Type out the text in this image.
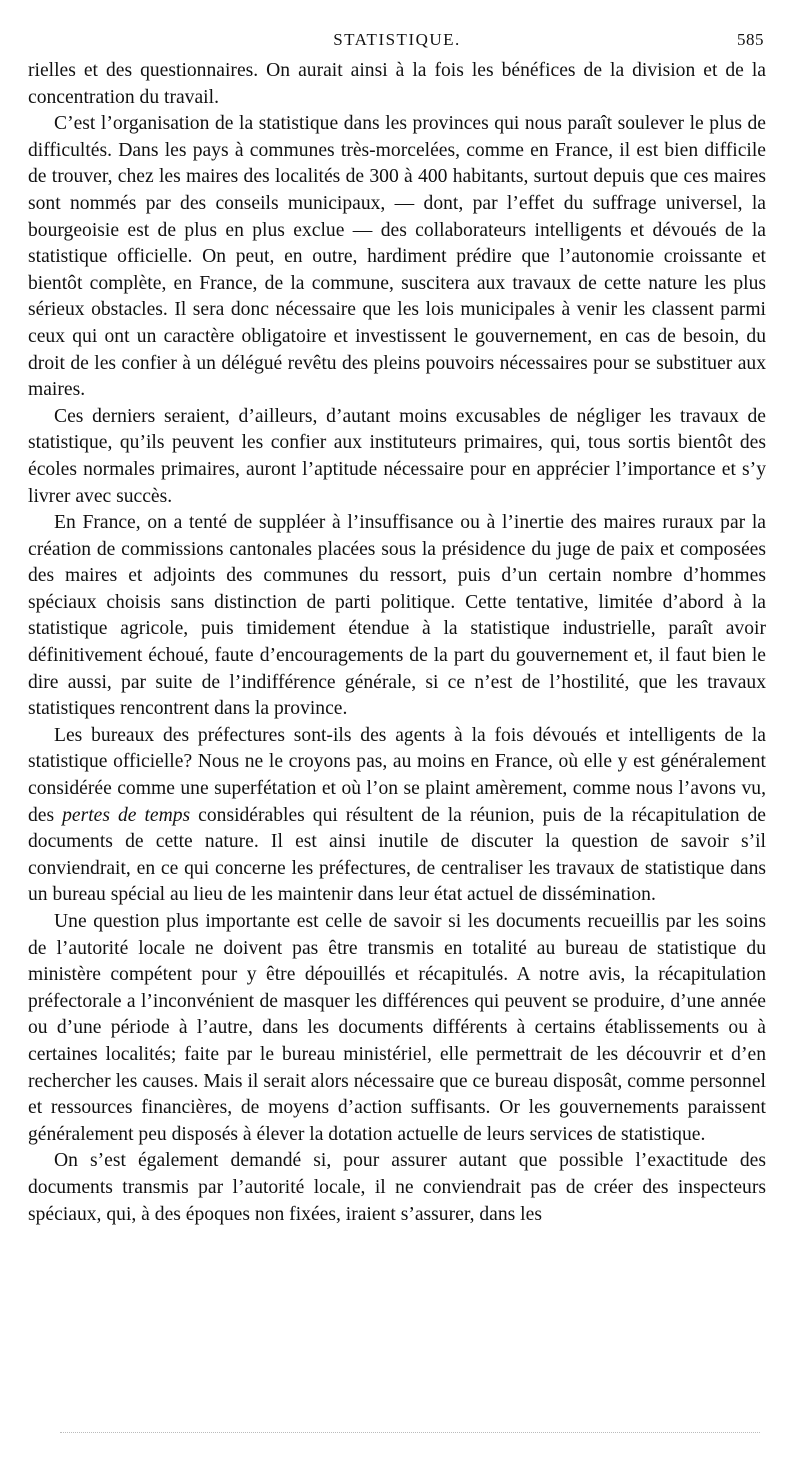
STATISTIQUE.	585

rielles et des questionnaires. On aurait ainsi à la fois les bénéfices de la division et de la concentration du travail.

C’est l’organisation de la statistique dans les provinces qui nous paraît soulever le plus de difficultés. Dans les pays à communes très-morcelées, comme en France, il est bien difficile de trouver, chez les maires des localités de 300 à 400 habitants, surtout depuis que ces maires sont nommés par des conseils municipaux, — dont, par l’effet du suffrage universel, la bourgeoisie est de plus en plus exclue — des collaborateurs intelligents et dévoués de la statistique officielle. On peut, en outre, hardiment prédire que l’autonomie croissante et bientôt complète, en France, de la commune, suscitera aux travaux de cette nature les plus sérieux obstacles. Il sera donc nécessaire que les lois municipales à venir les classent parmi ceux qui ont un caractère obligatoire et investissent le gouvernement, en cas de besoin, du droit de les confier à un délégué revêtu des pleins pouvoirs nécessaires pour se substituer aux maires.

Ces derniers seraient, d’ailleurs, d’autant moins excusables de négliger les travaux de statistique, qu’ils peuvent les confier aux instituteurs primaires, qui, tous sortis bientôt des écoles normales primaires, auront l’aptitude nécessaire pour en apprécier l’importance et s’y livrer avec succès.

En France, on a tenté de suppléer à l’insuffisance ou à l’inertie des maires ruraux par la création de commissions cantonales placées sous la présidence du juge de paix et composées des maires et adjoints des communes du ressort, puis d’un certain nombre d’hommes spéciaux choisis sans distinction de parti politique. Cette tentative, limitée d’abord à la statistique agricole, puis timidement étendue à la statistique industrielle, paraît avoir définitivement échoué, faute d’encouragements de la part du gouvernement et, il faut bien le dire aussi, par suite de l’indifférence générale, si ce n’est de l’hostilité, que les travaux statistiques rencontrent dans la province.

Les bureaux des préfectures sont-ils des agents à la fois dévoués et intelligents de la statistique officielle? Nous ne le croyons pas, au moins en France, où elle y est généralement considérée comme une superfétation et où l’on se plaint amèrement, comme nous l’avons vu, des pertes de temps considérables qui résultent de la réunion, puis de la récapitulation de documents de cette nature. Il est ainsi inutile de discuter la question de savoir s’il conviendrait, en ce qui concerne les préfectures, de centraliser les travaux de statistique dans un bureau spécial au lieu de les maintenir dans leur état actuel de dissémination.

Une question plus importante est celle de savoir si les documents recueillis par les soins de l’autorité locale ne doivent pas être transmis en totalité au bureau de statistique du ministère compétent pour y être dépouillés et récapitulés. A notre avis, la récapitulation préfectorale a l’inconvénient de masquer les différences qui peuvent se produire, d’une année ou d’une période à l’autre, dans les documents différents à certains établissements ou à certaines localités; faite par le bureau ministériel, elle permettrait de les découvrir et d’en rechercher les causes. Mais il serait alors nécessaire que ce bureau disposât, comme personnel et ressources financières, de moyens d’action suffisants. Or les gouvernements paraissent généralement peu disposés à élever la dotation actuelle de leurs services de statistique.

On s’est également demandé si, pour assurer autant que possible l’exactitude des documents transmis par l’autorité locale, il ne conviendrait pas de créer des inspecteurs spéciaux, qui, à des époques non fixées, iraient s’assurer, dans les
